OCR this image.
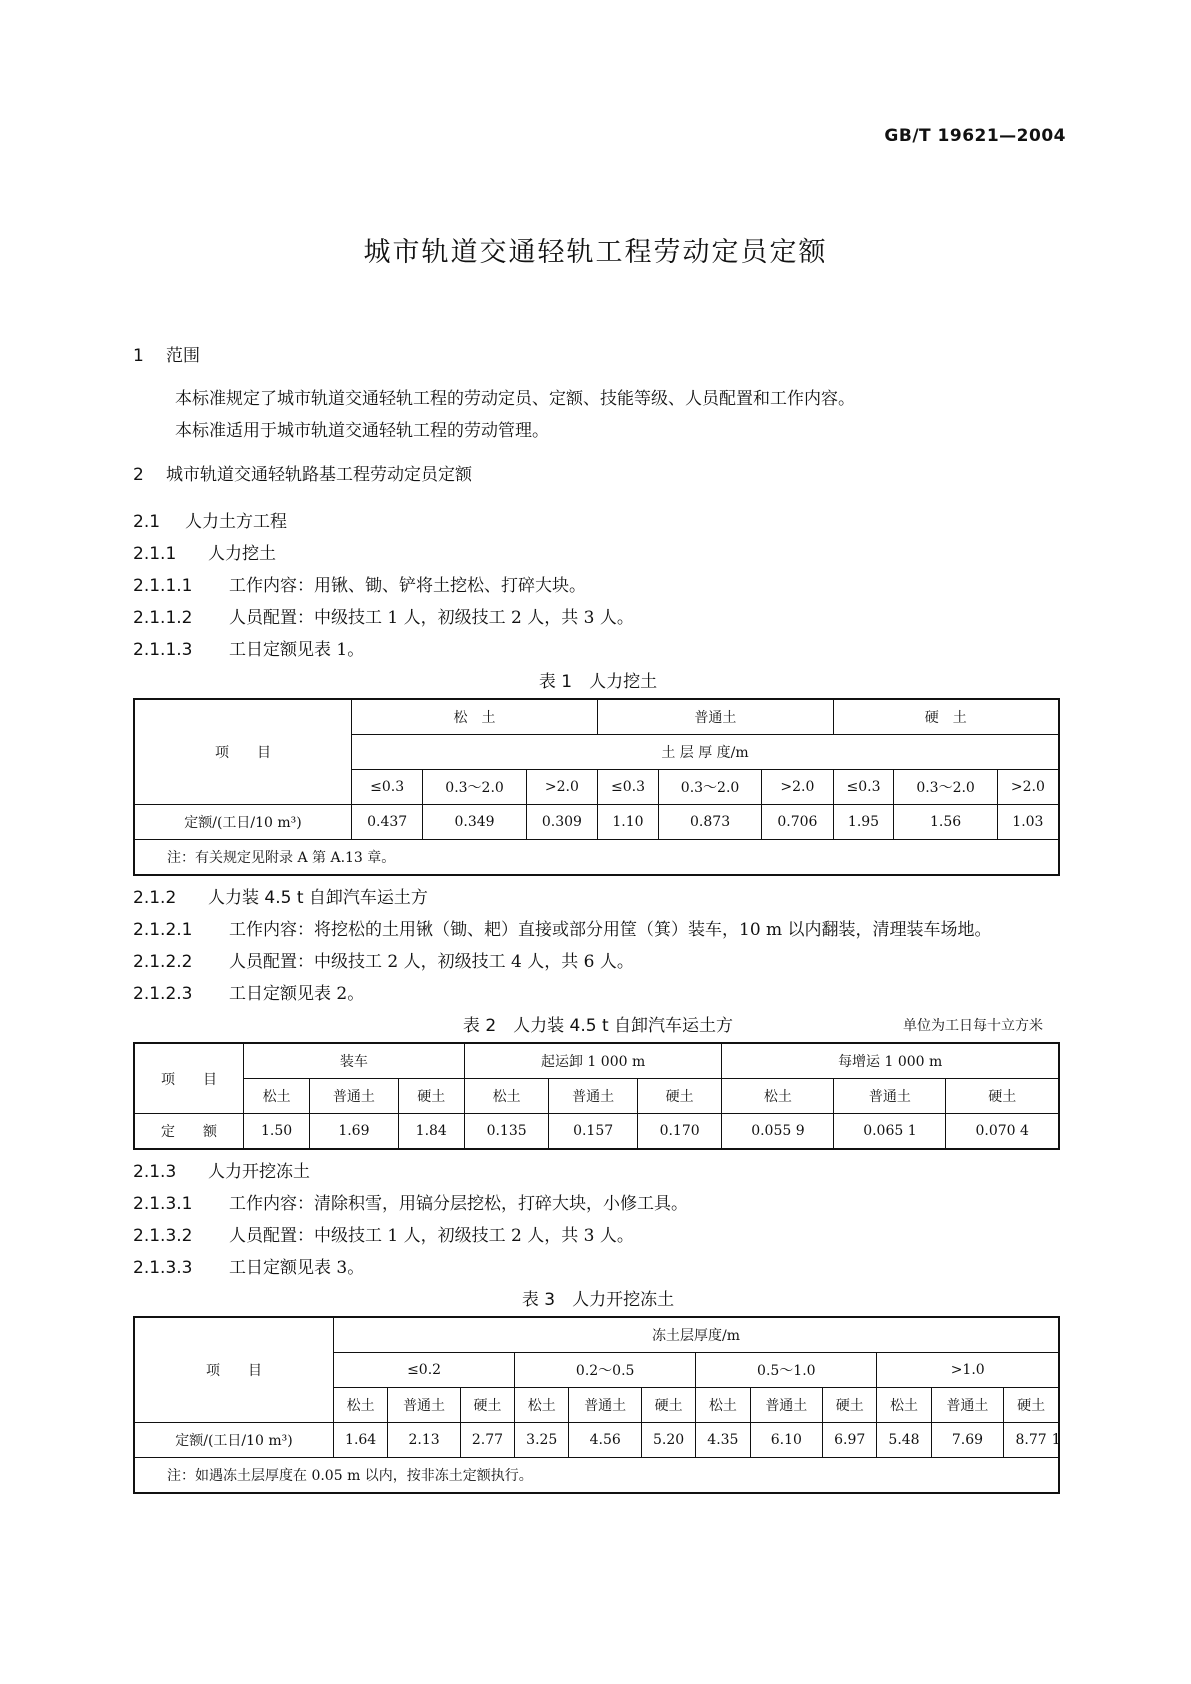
GB/T 19621—2004
城市轨道交通轻轨工程劳动定员定额
1 范围
本标准规定了城市轨道交通轻轨工程的劳动定员、定额、技能等级、人员配置和工作内容。
本标准适用于城市轨道交通轻轨工程的劳动管理。
2 城市轨道交通轻轨路基工程劳动定员定额
2.1 人力土方工程
2.1.1 人力挖土
2.1.1.1 工作内容：用锹、锄、铲将土挖松、打碎大块。
2.1.1.2 人员配置：中级技工 1 人，初级技工 2 人，共 3 人。
2.1.1.3 工日定额见表 1。
表 1　人力挖土
项　　目	松　土			普通土			硬　土		
	土 层 厚 度/m								
	≤0.3	0.3～2.0	>2.0	≤0.3	0.3～2.0	>2.0	≤0.3	0.3～2.0	>2.0
定额/(工日/10 m³)	0.437	0.349	0.309	1.10	0.873	0.706	1.95	1.56	1.03
注：有关规定见附录 A 第 A.13 章。									
2.1.2 人力装 4.5 t 自卸汽车运土方
2.1.2.1 工作内容：将挖松的土用锹（锄、耙）直接或部分用筐（箕）装车，10 m 以内翻装，清理装车场地。
2.1.2.2 人员配置：中级技工 2 人，初级技工 4 人，共 6 人。
2.1.2.3 工日定额见表 2。
表 2　人力装 4.5 t 自卸汽车运土方	单位为工日每十立方米
项　　目	装车			起运卸 1 000 m			每增运 1 000 m		
	松土	普通土	硬土	松土	普通土	硬土	松土	普通土	硬土
定　　额	1.50	1.69	1.84	0.135	0.157	0.170	0.055 9	0.065 1	0.070 4
2.1.3 人力开挖冻土
2.1.3.1 工作内容：清除积雪，用镐分层挖松，打碎大块，小修工具。
2.1.3.2 人员配置：中级技工 1 人，初级技工 2 人，共 3 人。
2.1.3.3 工日定额见表 3。
表 3　人力开挖冻土
项　　目	冻土层厚度/m											
	≤0.2			0.2～0.5			0.5～1.0			>1.0		
	松土	普通土	硬土	松土	普通土	硬土	松土	普通土	硬土	松土	普通土	硬土
定额/(工日/10 m³)	1.64	2.13	2.77	3.25	4.56	5.20	4.35	6.10	6.97	5.48	7.69	8.77
注：如遇冻土层厚度在 0.05 m 以内，按非冻土定额执行。												
1
